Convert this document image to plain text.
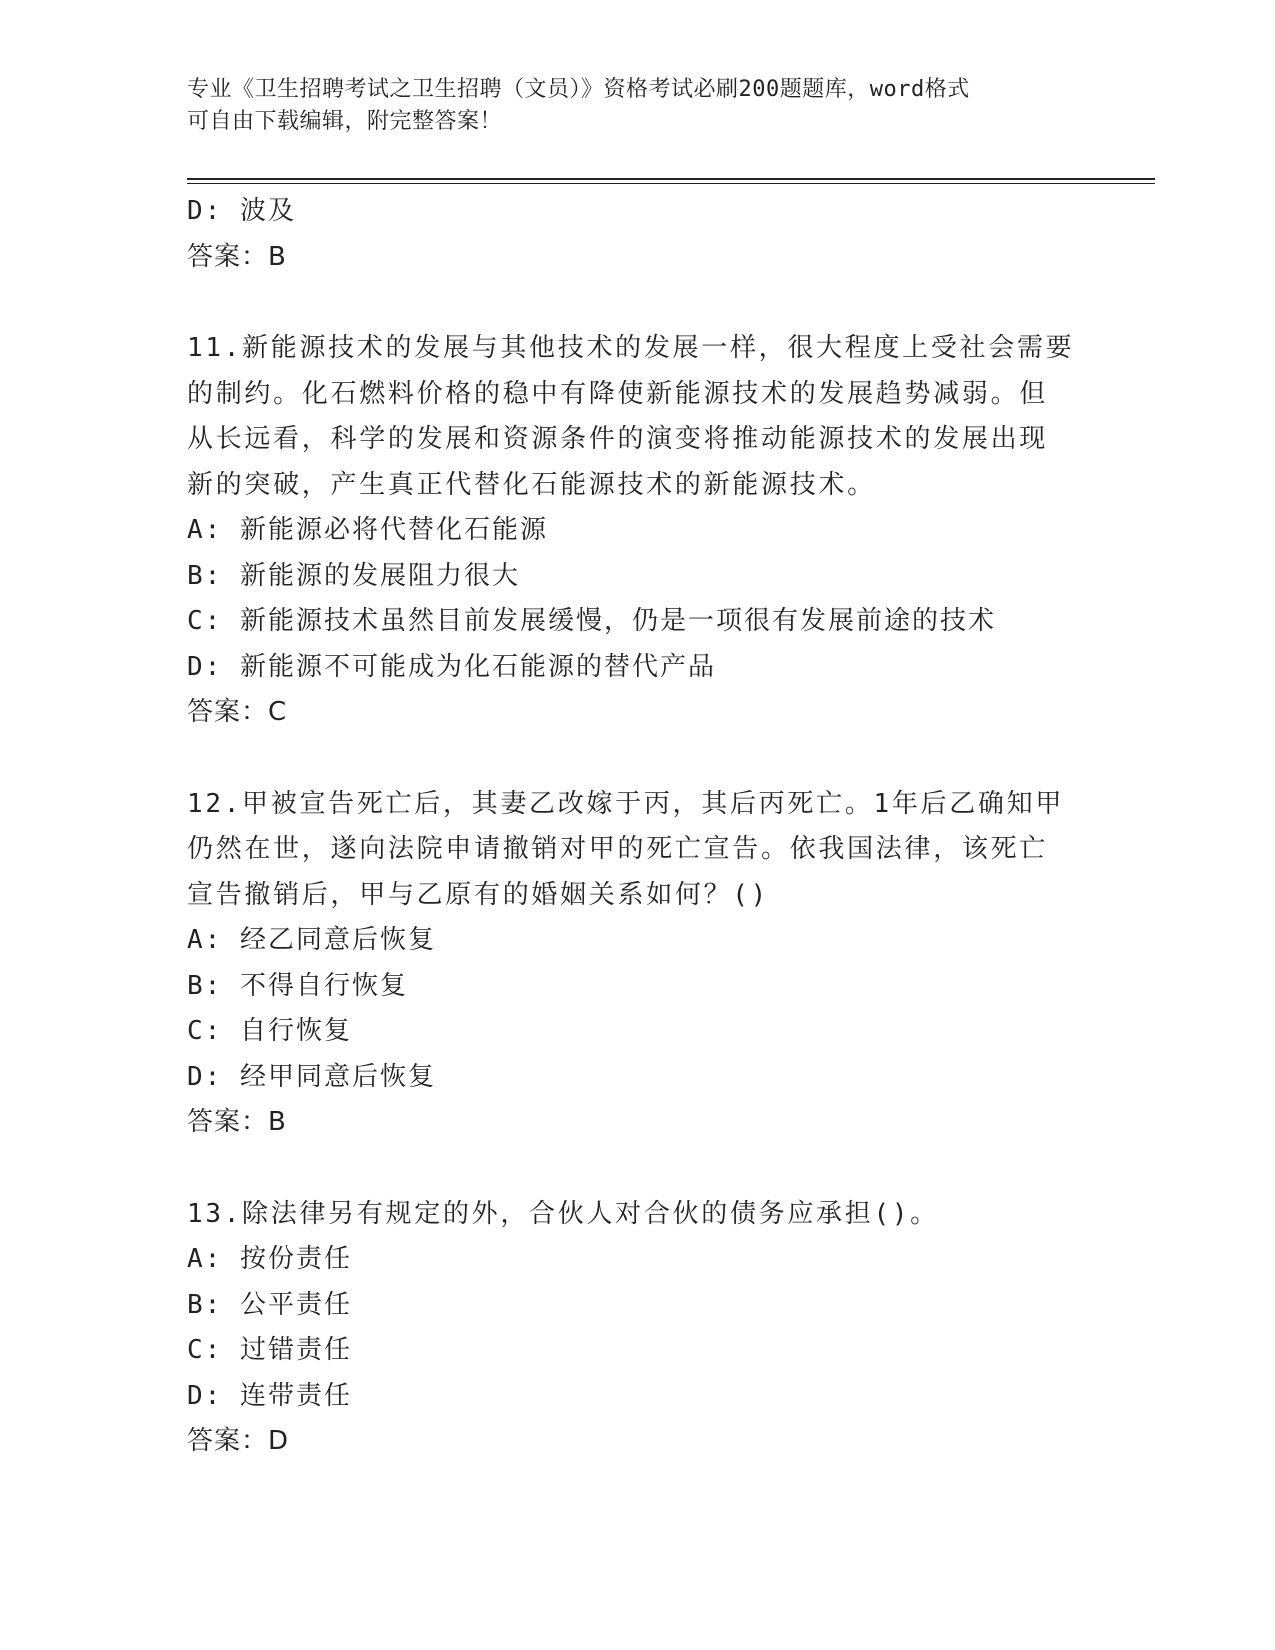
专业《卫生招聘考试之卫生招聘（文员）》资格考试必刷200题题库，word格式
可自由下载编辑，附完整答案！
D: 波及
答案：B
11.新能源技术的发展与其他技术的发展一样，很大程度上受社会需要
的制约。化石燃料价格的稳中有降使新能源技术的发展趋势减弱。但
从长远看，科学的发展和资源条件的演变将推动能源技术的发展出现
新的突破，产生真正代替化石能源技术的新能源技术。
A: 新能源必将代替化石能源
B: 新能源的发展阻力很大
C: 新能源技术虽然目前发展缓慢，仍是一项很有发展前途的技术
D: 新能源不可能成为化石能源的替代产品
答案：C
12.甲被宣告死亡后，其妻乙改嫁于丙，其后丙死亡。1年后乙确知甲
仍然在世，遂向法院申请撤销对甲的死亡宣告。依我国法律，该死亡
宣告撤销后，甲与乙原有的婚姻关系如何？()
A: 经乙同意后恢复
B: 不得自行恢复
C: 自行恢复
D: 经甲同意后恢复
答案：B
13.除法律另有规定的外，合伙人对合伙的债务应承担()。
A: 按份责任
B: 公平责任
C: 过错责任
D: 连带责任
答案：D
